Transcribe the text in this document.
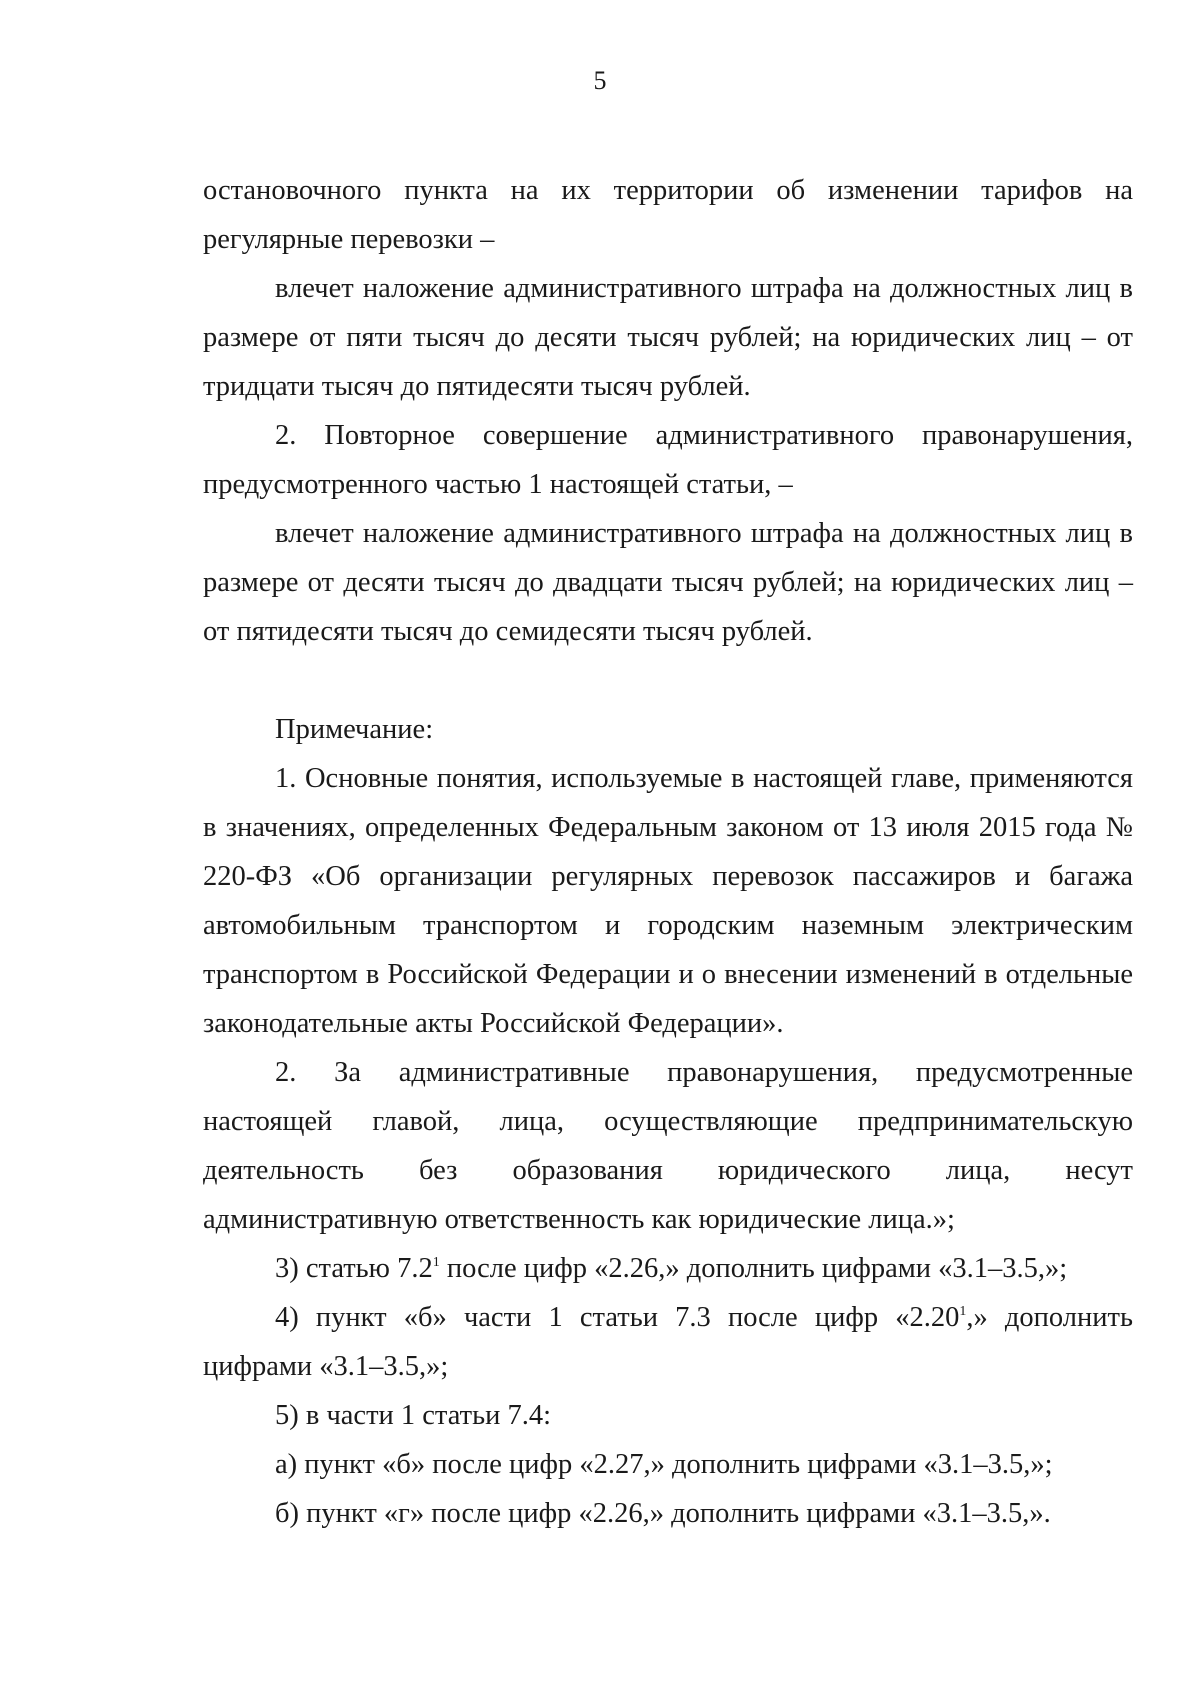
5

остановочного пункта на их территории об изменении тарифов на регулярные перевозки –

влечет наложение административного штрафа на должностных лиц в размере от пяти тысяч до десяти тысяч рублей; на юридических лиц – от тридцати тысяч до пятидесяти тысяч рублей.

2. Повторное совершение административного правонарушения, предусмотренного частью 1 настоящей статьи, –

влечет наложение административного штрафа на должностных лиц в размере от десяти тысяч до двадцати тысяч рублей; на юридических лиц – от пятидесяти тысяч до семидесяти тысяч рублей.

Примечание:

1. Основные понятия, используемые в настоящей главе, применяются в значениях, определенных Федеральным законом от 13 июля 2015 года № 220-ФЗ «Об организации регулярных перевозок пассажиров и багажа автомобильным транспортом и городским наземным электрическим транспортом в Российской Федерации и о внесении изменений в отдельные законодательные акты Российской Федерации».

2. За административные правонарушения, предусмотренные настоящей главой, лица, осуществляющие предпринимательскую деятельность без образования юридического лица, несут административную ответственность как юридические лица.»;

3) статью $7.2^1$ после цифр «2.26,» дополнить цифрами «3.1–3.5,»;

4) пункт «б» части 1 статьи 7.3 после цифр «2.20$^1$,» дополнить цифрами «3.1–3.5,»;

5) в части 1 статьи 7.4:

а) пункт «б» после цифр «2.27,» дополнить цифрами «3.1–3.5,»;

б) пункт «г» после цифр «2.26,» дополнить цифрами «3.1–3.5,».
